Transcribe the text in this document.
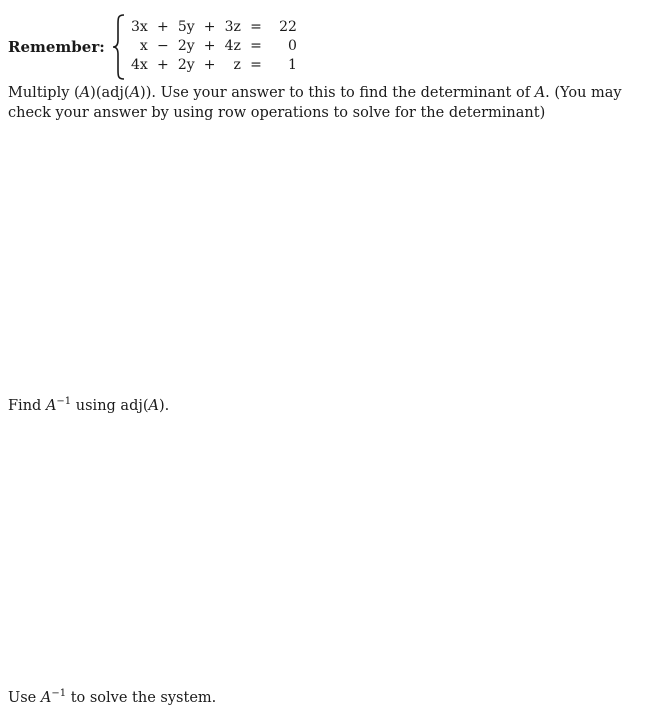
Remember:
3x	+	5y	+	3z	=	22
x	−	2y	+	4z	=	0
4x	+	2y	+	z	=	1
Multiply (A)(adj(A)). Use your answer to this to find the determinant of A. (You may check your answer by using row operations to solve for the determinant)
Find $A^{-1}$ using adj(A).
Use $A^{-1}$ to solve the system.
